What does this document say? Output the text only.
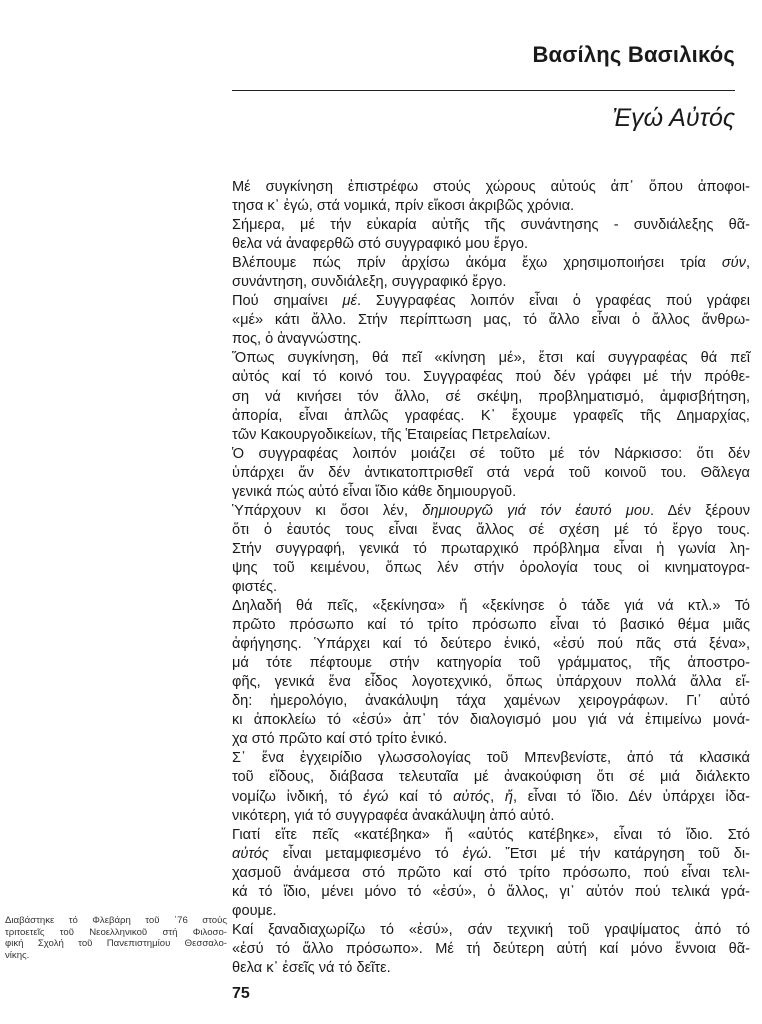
Βασίλης Βασιλικός
Ἐγώ Αὐτός
Μέ συγκίνηση ἐπιστρέφω στούς χώρους αὐτούς ἀπ᾽ ὅπου ἀποφοι-
τησα κ᾽ ἐγώ, στά νομικά, πρίν εἴκοσι ἀκριβῶς χρόνια.
Σήμερα, μέ τήν εὐκαρία αὐτῆς τῆς συνάντησης - συνδιάλεξης θᾶ-
θελα νά ἀναφερθῶ στό συγγραφικό μου ἔργο.
Βλέπουμε πώς πρίν ἀρχίσω ἀκόμα ἔχω χρησιμοποιήσει τρία σύν,
συνάντηση, συνδιάλεξη, συγγραφικό ἔργο.
Πού σημαίνει μέ. Συγγραφέας λοιπόν εἶναι ὁ γραφέας πού γράφει
«μέ» κάτι ἄλλο. Στήν περίπτωση μας, τό ἄλλο εἶναι ὁ ἄλλος ἄνθρω-
πος, ὁ ἀναγνώστης.
Ὅπως συγκίνηση, θά πεῖ «κίνηση μέ», ἔτσι καί συγγραφέας θά πεῖ
αὐτός καί τό κοινό του. Συγγραφέας πού δέν γράφει μέ τήν πρόθε-
ση νά κινήσει τόν ἄλλο, σέ σκέψη, προβληματισμό, ἀμφισβήτηση,
ἀπορία, εἶναι ἁπλῶς γραφέας. Κ᾽ ἔχουμε γραφεῖς τῆς Δημαρχίας,
τῶν Κακουργοδικείων, τῆς Ἑταιρείας Πετρελαίων.
Ὁ συγγραφέας λοιπόν μοιάζει σέ τοῦτο μέ τόν Νάρκισσο: ὅτι δέν
ὑπάρχει ἄν δέν ἀντικατοπτρισθεῖ στά νερά τοῦ κοινοῦ του. Θᾶλεγα
γενικά πώς αὐτό εἶναι ἴδιο κάθε δημιουργοῦ.
Ὑπάρχουν κι ὅσοι λέν, δημιουργῶ γιά τόν ἑαυτό μου. Δέν ξέρουν
ὅτι ὁ ἑαυτός τους εἶναι ἕνας ἄλλος σέ σχέση μέ τό ἔργο τους.
Στήν συγγραφή, γενικά τό πρωταρχικό πρόβλημα εἶναι ἡ γωνία λη-
ψης τοῦ κειμένου, ὅπως λέν στήν ὁρολογία τους οἱ κινηματογρα-
φιστές.
Δηλαδή θά πεῖς, «ξεκίνησα» ἤ «ξεκίνησε ὁ τάδε γιά νά κτλ.» Τό
πρῶτο πρόσωπο καί τό τρίτο πρόσωπο εἶναι τό βασικό θέμα μιᾶς
ἀφήγησης. Ὑπάρχει καί τό δεύτερο ἑνικό, «ἐσύ πού πᾶς στά ξένα»,
μά τότε πέφτουμε στήν κατηγορία τοῦ γράμματος, τῆς ἀποστρο-
φῆς, γενικά ἕνα εἶδος λογοτεχνικό, ὅπως ὑπάρχουν πολλά ἄλλα εἴ-
δη: ἡμερολόγιο, ἀνακάλυψη τάχα χαμένων χειρογράφων. Γι᾽ αὐτό
κι ἀποκλείω τό «ἐσύ» ἀπ᾽ τόν διαλογισμό μου γιά νά ἐπιμείνω μονά-
χα στό πρῶτο καί στό τρίτο ἑνικό.
Σ᾽ ἕνα ἐγχειρίδιο γλωσσολογίας τοῦ Μπενβενίστε, ἀπό τά κλασικά
τοῦ εἴδους, διάβασα τελευταῖα μέ ἀνακούφιση ὅτι σέ μιά διάλεκτο
νομίζω ἰνδική, τό ἐγώ καί τό αὐτός, ἤ, εἶναι τό ἴδιο. Δέν ὑπάρχει ἰδα-
νικότερη, γιά τό συγγραφέα ἀνακάλυψη ἀπό αὐτό.
Γιατί εἴτε πεῖς «κατέβηκα» ἤ «αὐτός κατέβηκε», εἶναι τό ἴδιο. Στό
αὐτός εἶναι μεταμφιεσμένο τό ἐγώ. Ἔτσι μέ τήν κατάργηση τοῦ δι-
χασμοῦ ἀνάμεσα στό πρῶτο καί στό τρίτο πρόσωπο, πού εἶναι τελι-
κά τό ἴδιο, μένει μόνο τό «ἐσύ», ὁ ἄλλος, γι᾽ αὐτόν πού τελικά γρά-
φουμε.
Καί ξαναδιαχωρίζω τό «ἐσύ», σάν τεχνική τοῦ γραψίματος ἀπό τό
«ἐσύ τό ἄλλο πρόσωπο». Μέ τή δεύτερη αὐτή καί μόνο ἔννοια θᾶ-
θελα κ᾽ ἐσεῖς νά τό δεῖτε.
Διαβάστηκε τό Φλεβάρη τοῦ ᾽76 στούς
τριτοετεῖς τοῦ Νεοελληνικοῦ στή Φιλοσο-
φική Σχολή τοῦ Πανεπιστημίου Θεσσαλο-
νίκης.
75
